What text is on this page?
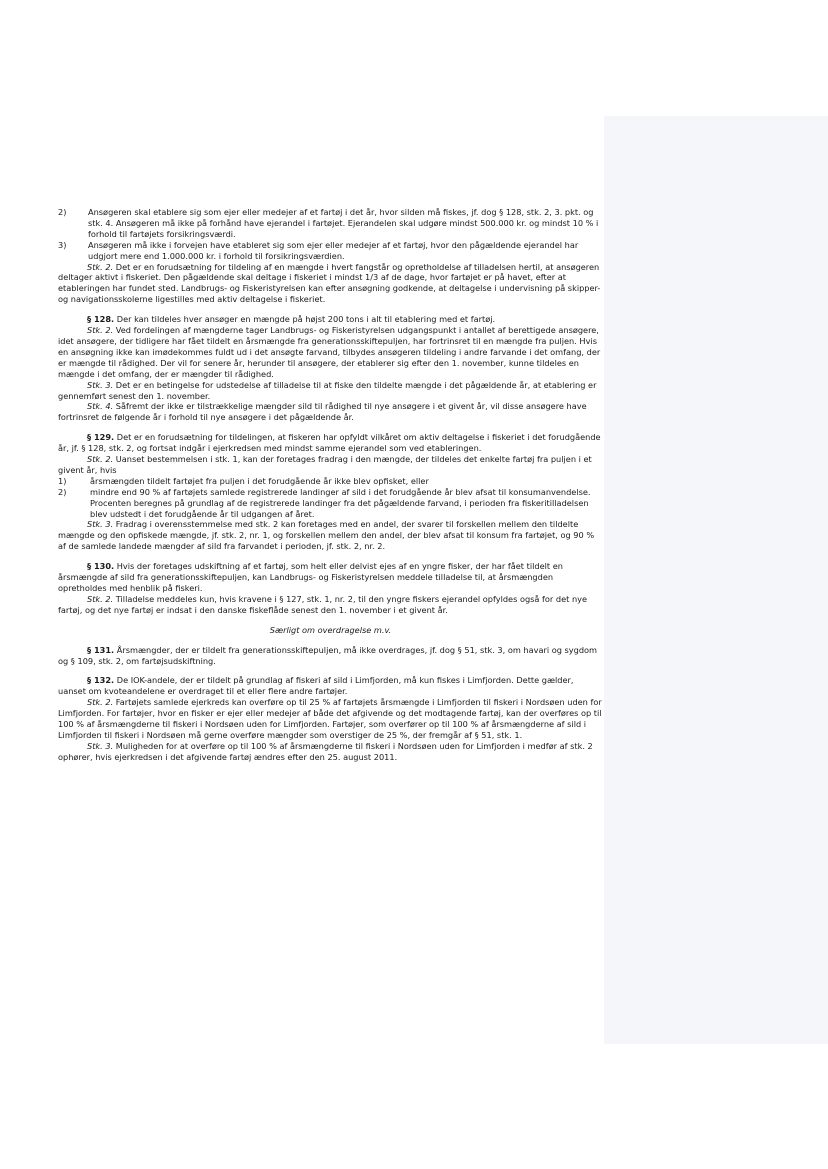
2)	Ansøgeren skal etablere sig som ejer eller medejer af et fartøj i det år, hvor silden må fiskes, jf. dog § 128, stk. 2, 3. pkt. og stk. 4. Ansøgeren må ikke på forhånd have ejerandel i fartøjet. Ejerandelen skal udgøre mindst 500.000 kr. og mindst 10 % i forhold til fartøjets forsikringsværdi.
3)	Ansøgeren må ikke i forvejen have etableret sig som ejer eller medejer af et fartøj, hvor den pågældende ejerandel har udgjort mere end 1.000.000 kr. i forhold til forsikringsværdien.

Stk. 2. Det er en forudsætning for tildeling af en mængde i hvert fangstår og opretholdelse af tilladelsen hertil, at ansøgeren deltager aktivt i fiskeriet. Den pågældende skal deltage i fiskeriet i mindst 1/3 af de dage, hvor fartøjet er på havet, efter at etableringen har fundet sted. Landbrugs- og Fiskeristyrelsen kan efter ansøgning godkende, at deltagelse i undervisning på skipper- og navigationsskolerne ligestilles med aktiv deltagelse i fiskeriet.

§ 128. Der kan tildeles hver ansøger en mængde på højst 200 tons i alt til etablering med et fartøj.

Stk. 2. Ved fordelingen af mængderne tager Landbrugs- og Fiskeristyrelsen udgangspunkt i antallet af berettigede ansøgere, idet ansøgere, der tidligere har fået tildelt en årsmængde fra generationsskiftepuljen, har fortrinsret til en mængde fra puljen. Hvis en ansøgning ikke kan imødekommes fuldt ud i det ansøgte farvand, tilbydes ansøgeren tildeling i andre farvande i det omfang, der er mængde til rådighed. Der vil for senere år, herunder til ansøgere, der etablerer sig efter den 1. november, kunne tildeles en mængde i det omfang, der er mængder til rådighed.

Stk. 3. Det er en betingelse for udstedelse af tilladelse til at fiske den tildelte mængde i det pågældende år, at etablering er gennemført senest den 1. november.

Stk. 4. Såfremt der ikke er tilstrækkelige mængder sild til rådighed til nye ansøgere i et givent år, vil disse ansøgere have fortrinsret de følgende år i forhold til nye ansøgere i det pågældende år.

§ 129. Det er en forudsætning for tildelingen, at fiskeren har opfyldt vilkåret om aktiv deltagelse i fiskeriet i det forudgående år, jf. § 128, stk. 2, og fortsat indgår i ejerkredsen med mindst samme ejerandel som ved etableringen.

Stk. 2. Uanset bestemmelsen i stk. 1, kan der foretages fradrag i den mængde, der tildeles det enkelte fartøj fra puljen i et givent år, hvis

1)	årsmængden tildelt fartøjet fra puljen i det forudgående år ikke blev opfisket, eller
2)	mindre end 90 % af fartøjets samlede registrerede landinger af sild i det forudgående år blev afsat til konsumanvendelse. Procenten beregnes på grundlag af de registrerede landinger fra det pågældende farvand, i perioden fra fiskeritilladelsen blev udstedt i det forudgående år til udgangen af året.

Stk. 3. Fradrag i overensstemmelse med stk. 2 kan foretages med en andel, der svarer til forskellen mellem den tildelte mængde og den opfiskede mængde, jf. stk. 2, nr. 1, og forskellen mellem den andel, der blev afsat til konsum fra fartøjet, og 90 % af de samlede landede mængder af sild fra farvandet i perioden, jf. stk. 2, nr. 2.

§ 130. Hvis der foretages udskiftning af et fartøj, som helt eller delvist ejes af en yngre fisker, der har fået tildelt en årsmængde af sild fra generationsskiftepuljen, kan Landbrugs- og Fiskeristyrelsen meddele tilladelse til, at årsmængden opretholdes med henblik på fiskeri.

Stk. 2. Tilladelse meddeles kun, hvis kravene i § 127, stk. 1, nr. 2, til den yngre fiskers ejerandel opfyldes også for det nye fartøj, og det nye fartøj er indsat i den danske fiskeflåde senest den 1. november i et givent år.

Særligt om overdragelse m.v.

§ 131. Årsmængder, der er tildelt fra generationsskiftepuljen, må ikke overdrages, jf. dog § 51, stk. 3, om havari og sygdom og § 109, stk. 2, om fartøjsudskiftning.

§ 132. De IOK-andele, der er tildelt på grundlag af fiskeri af sild i Limfjorden, må kun fiskes i Limfjorden. Dette gælder, uanset om kvoteandelene er overdraget til et eller flere andre fartøjer.

Stk. 2. Fartøjets samlede ejerkreds kan overføre op til 25 % af fartøjets årsmængde i Limfjorden til fiskeri i Nordsøen uden for Limfjorden. For fartøjer, hvor en fisker er ejer eller medejer af både det afgivende og det modtagende fartøj, kan der overføres op til 100 % af årsmængderne til fiskeri i Nordsøen uden for Limfjorden. Fartøjer, som overfører op til 100 % af årsmængderne af sild i Limfjorden til fiskeri i Nordsøen må gerne overføre mængder som overstiger de 25 %, der fremgår af § 51, stk. 1.

Stk. 3. Muligheden for at overføre op til 100 % af årsmængderne til fiskeri i Nordsøen uden for Limfjorden i medfør af stk. 2 ophører, hvis ejerkredsen i det afgivende fartøj ændres efter den 25. august 2011.
